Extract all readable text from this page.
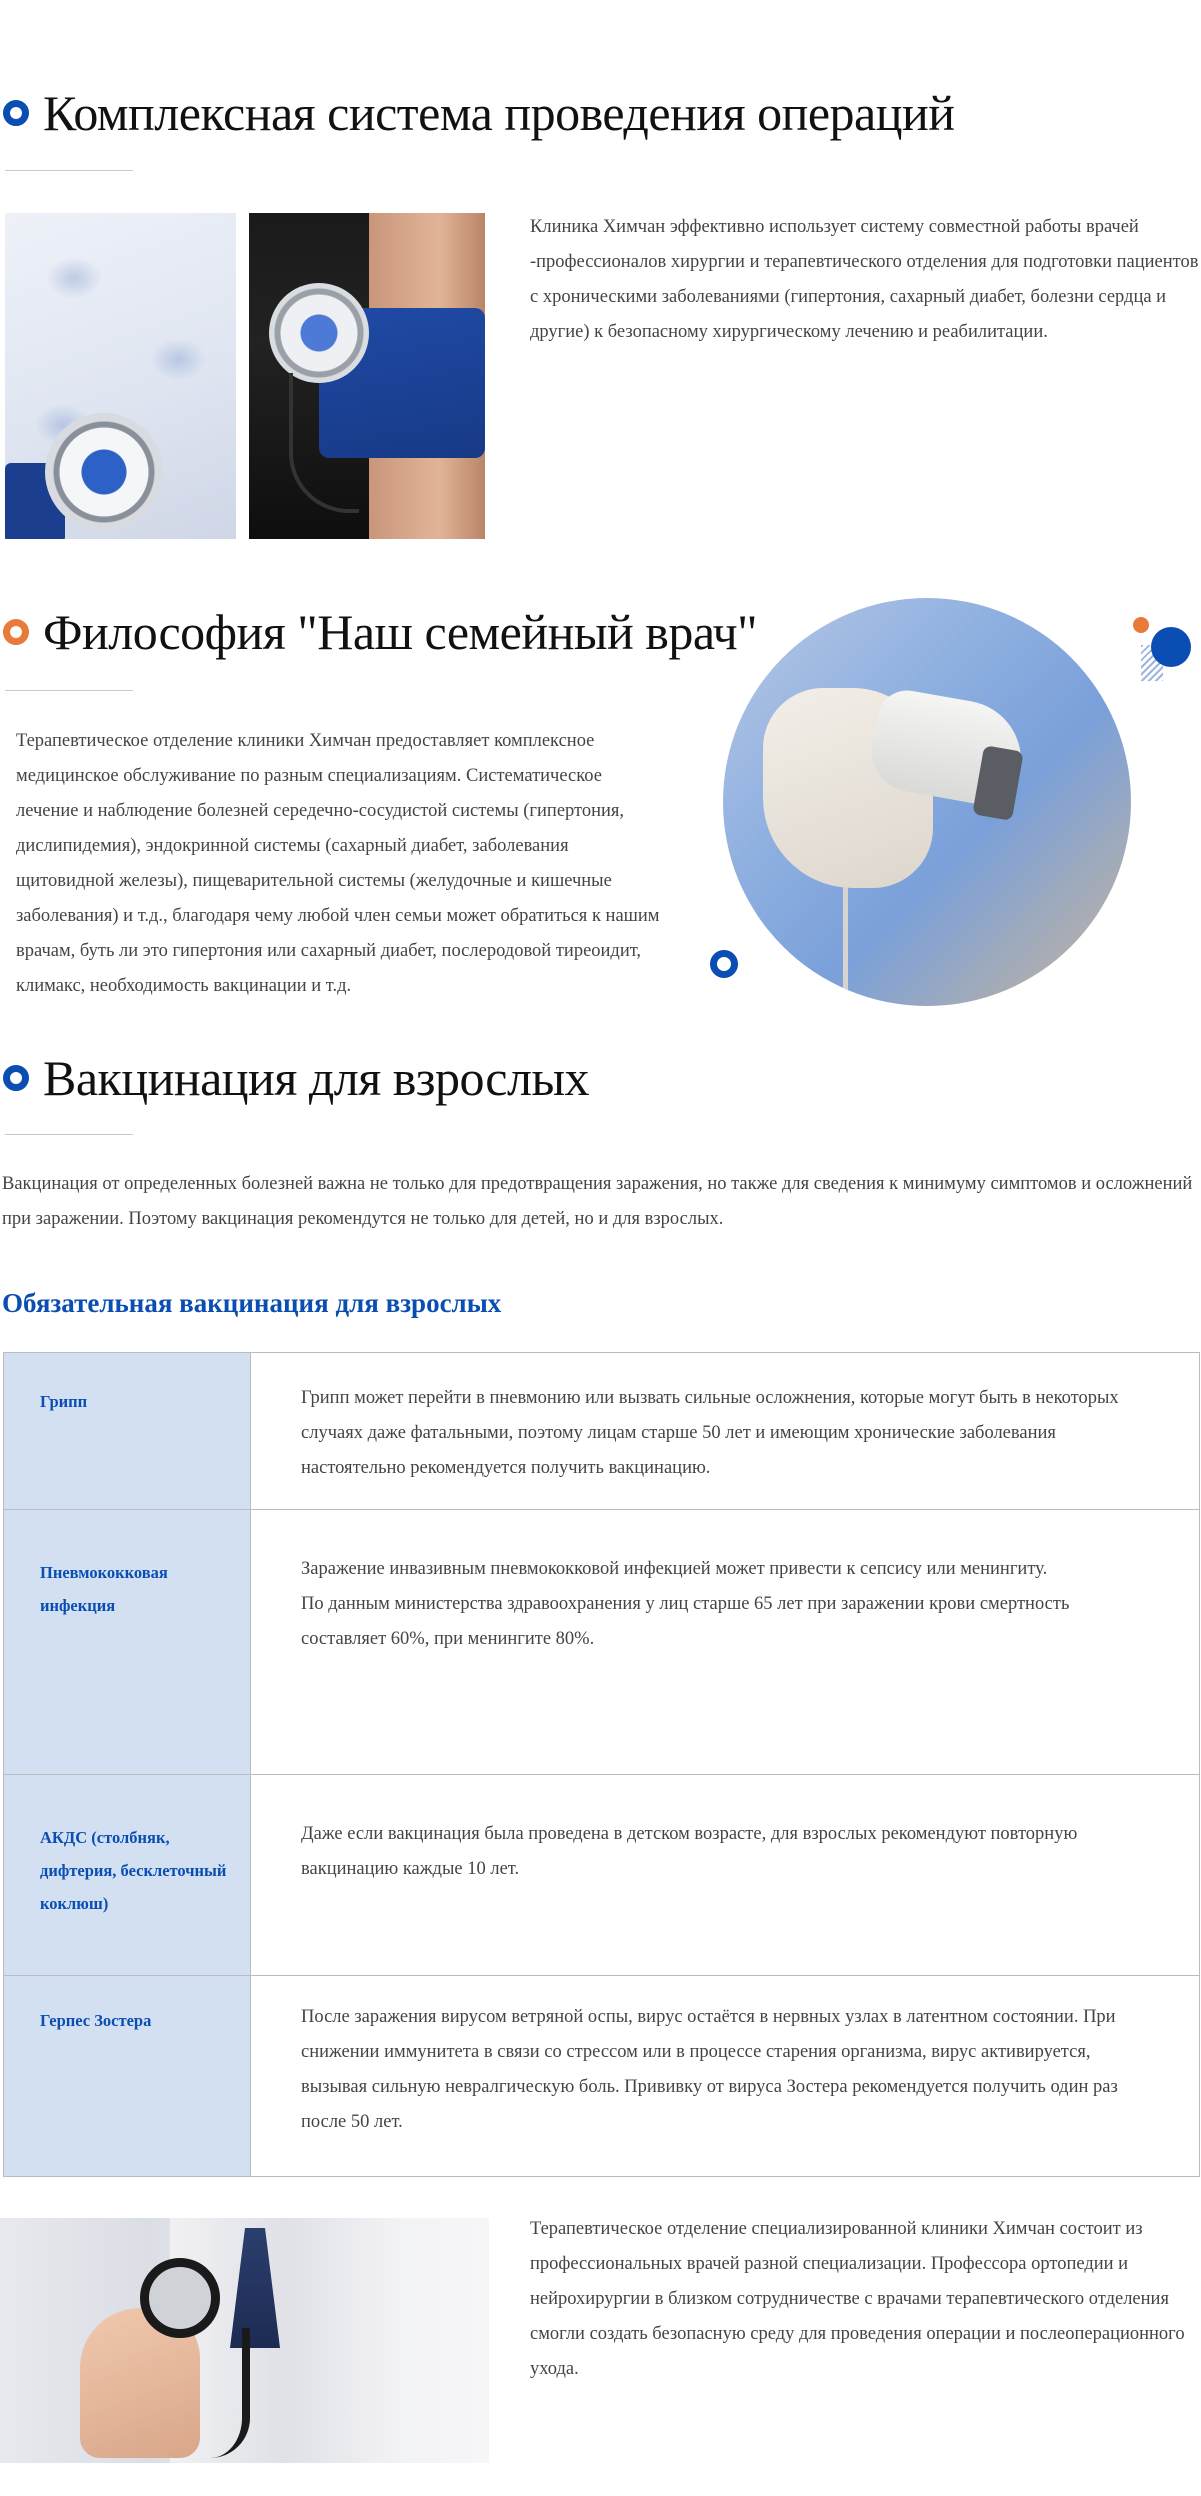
Комплексная система проведения операций

Клиника Химчан эффективно использует систему совместной работы врачей -профессионалов хирургии и терапевтического отделения для подготовки пациентов с хроническими заболеваниями (гипертония, сахарный диабет, болезни сердца и другие) к безопасному хирургическому лечению и реабилитации.

Философия "Наш семейный врач"

Терапевтическое отделение клиники Химчан предоставляет комплексное медицинское обслуживание по разным специализациям. Систематическое лечение и наблюдение болезней середечно-сосудистой системы (гипертония, дислипидемия), эндокринной системы (сахарный диабет, заболевания щитовидной железы), пищеварительной системы (желудочные и кишечные заболевания) и т.д., благодаря чему любой член семьи может обратиться к нашим врачам, буть ли это гипертония или сахарный диабет, послеродовой тиреоидит, климакс, необходимость вакцинации и т.д.

Вакцинация для взрослых

Вакцинация от определенных болезней важна не только для предотвращения заражения, но также для сведения к минимуму симптомов и осложнений при заражении. Поэтому вакцинация рекомендутся не только для детей, но и для взрослых.

Обязательная вакцинация для взрослых
Грипп	Грипп может перейти в пневмонию или вызвать сильные осложнения, которые могут быть в некоторых случаях даже фатальными, поэтому лицам старше 50 лет и имеющим хронические заболевания настоятельно рекомендуется получить вакцинацию.
Пневмококковая инфекция
Заражение инвазивным пневмококковой инфекцией может привести к сепсису или менингиту.
По данным министерства здравоохранения у лиц старше 65 лет при заражении крови смертность составляет 60%, при менингите 80%.
АКДС (столбняк, дифтерия, бесклеточный коклюш)
Даже если вакцинация была проведена в детском возрасте, для взрослых рекомендуют повторную вакцинацию каждые 10 лет.
Герпес Зостера	После заражения вирусом ветряной оспы, вирус остаётся в нервных узлах в латентном состоянии. При снижении иммунитета в связи со стрессом или в процессе старения организма, вирус активируется, вызывая сильную невралгическую боль. Прививку от вируса Зостера рекомендуется получить один раз после 50 лет.

Терапевтическое отделение специализированной клиники Химчан состоит из профессиональных врачей разной специализации. Профессора ортопедии и нейрохирургии в близком сотрудничестве с врачами терапевтического отделения смогли создать безопасную среду для проведения операции и послеоперационного ухода.
